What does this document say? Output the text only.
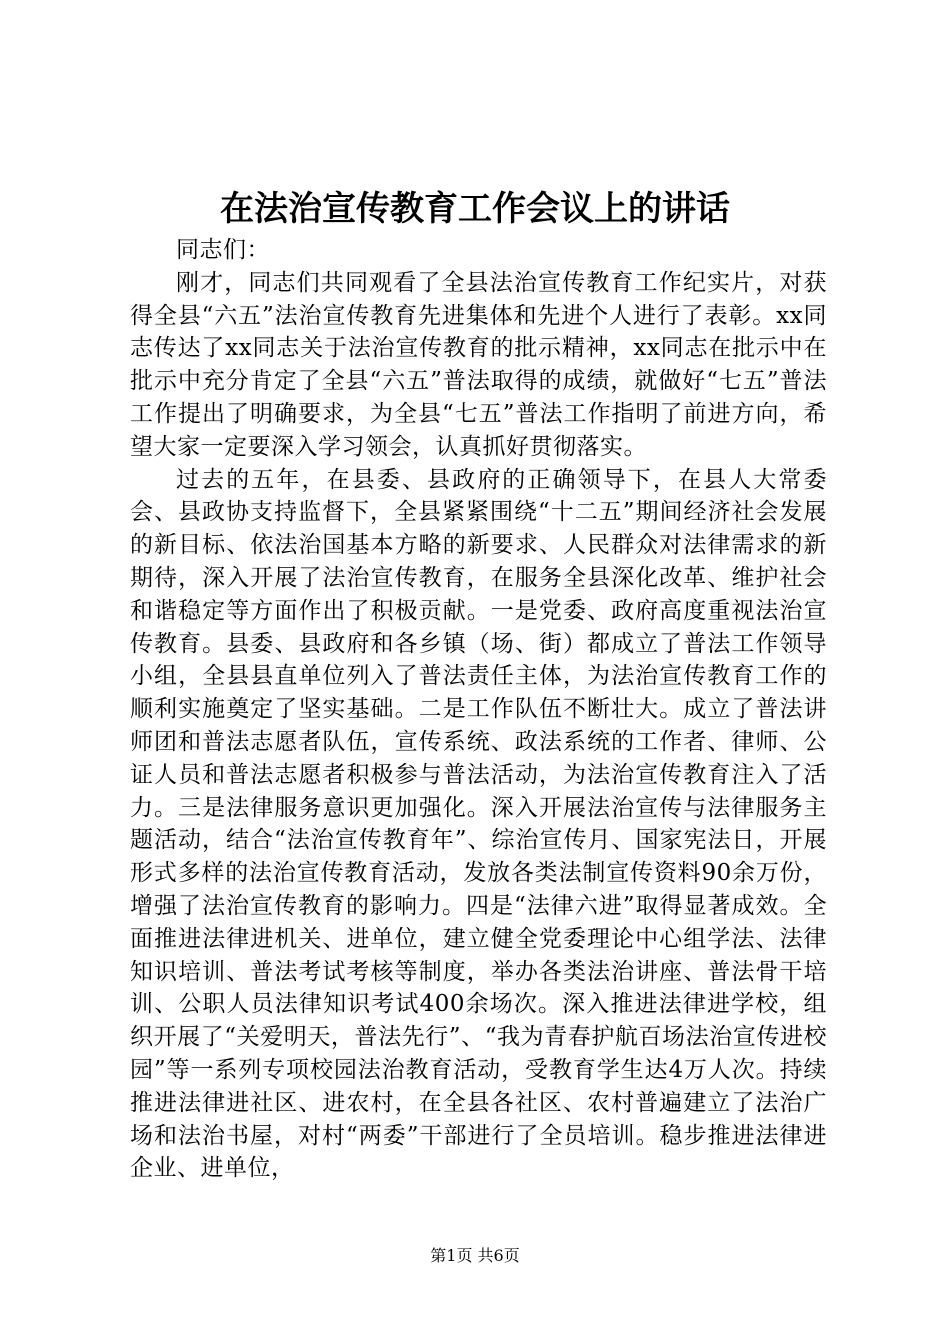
在法治宣传教育工作会议上的讲话

同志们：

刚才，同志们共同观看了全县法治宣传教育工作纪实片，对获得全县“六五”法治宣传教育先进集体和先进个人进行了表彰。xx同志传达了xx同志关于法治宣传教育的批示精神，xx同志在批示中在批示中充分肯定了全县“六五”普法取得的成绩，就做好“七五”普法工作提出了明确要求，为全县“七五”普法工作指明了前进方向，希望大家一定要深入学习领会，认真抓好贯彻落实。

过去的五年，在县委、县政府的正确领导下，在县人大常委会、县政协支持监督下，全县紧紧围绕“十二五”期间经济社会发展的新目标、依法治国基本方略的新要求、人民群众对法律需求的新期待，深入开展了法治宣传教育，在服务全县深化改革、维护社会和谐稳定等方面作出了积极贡献。一是党委、政府高度重视法治宣传教育。县委、县政府和各乡镇（场、街）都成立了普法工作领导小组，全县县直单位列入了普法责任主体，为法治宣传教育工作的顺利实施奠定了坚实基础。二是工作队伍不断壮大。成立了普法讲师团和普法志愿者队伍，宣传系统、政法系统的工作者、律师、公证人员和普法志愿者积极参与普法活动，为法治宣传教育注入了活力。三是法律服务意识更加强化。深入开展法治宣传与法律服务主题活动，结合“法治宣传教育年”、综治宣传月、国家宪法日，开展形式多样的法治宣传教育活动，发放各类法制宣传资料90余万份，增强了法治宣传教育的影响力。四是“法律六进”取得显著成效。全面推进法律进机关、进单位，建立健全党委理论中心组学法、法律知识培训、普法考试考核等制度，举办各类法治讲座、普法骨干培训、公职人员法律知识考试400余场次。深入推进法律进学校，组织开展了“关爱明天，普法先行”、“我为青春护航百场法治宣传进校园”等一系列专项校园法治教育活动，受教育学生达4万人次。持续推进法律进社区、进农村，在全县各社区、农村普遍建立了法治广场和法治书屋，对村“两委”干部进行了全员培训。稳步推进法律进企业、进单位，

第1页 共6页
